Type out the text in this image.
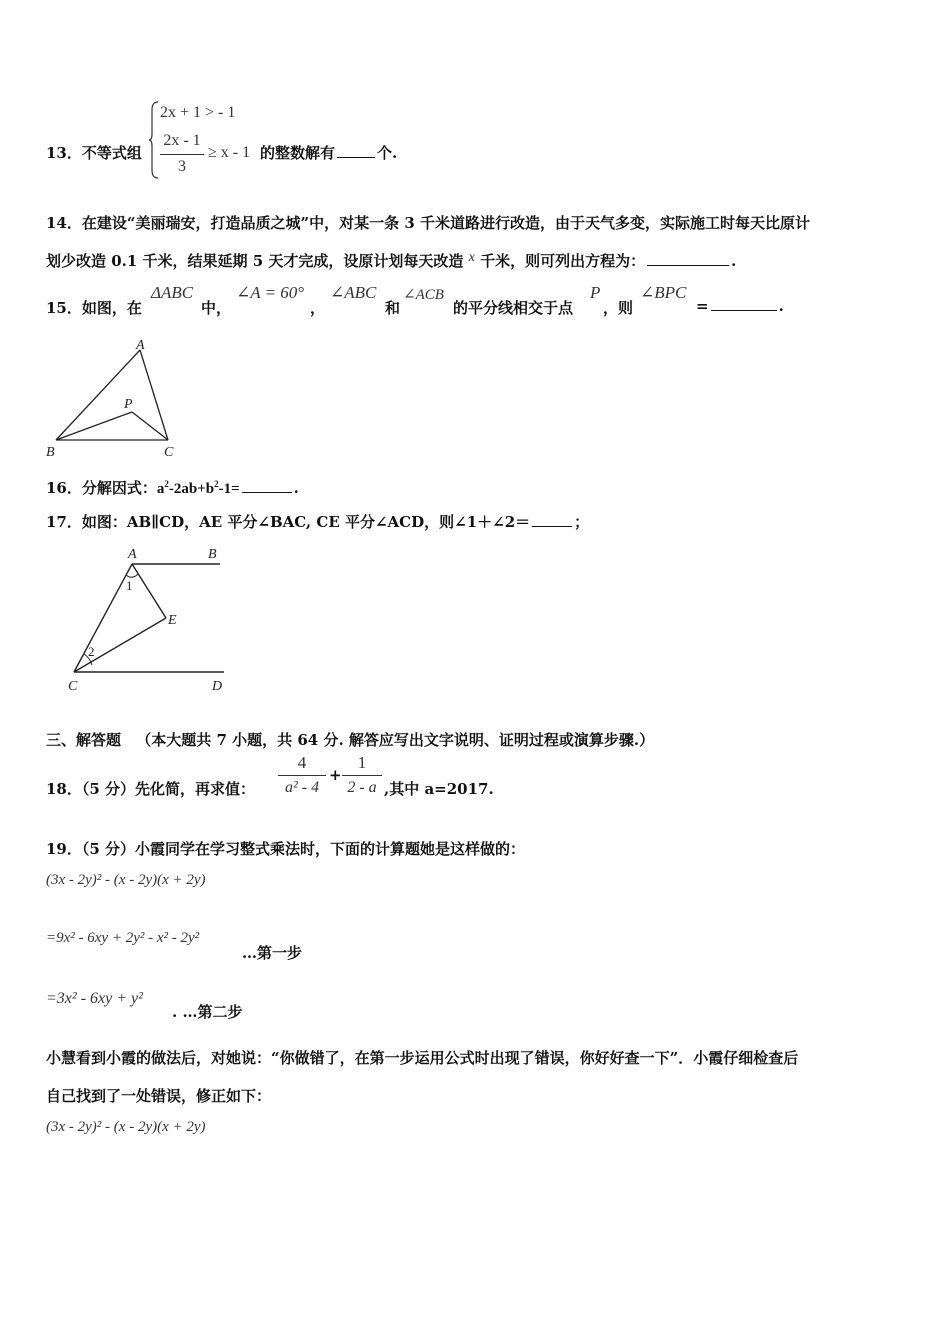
13．不等式组
2x + 1 > - 1
2x - 1
3
≥ x - 1 的整数解有	个.
14．在建设“美丽瑞安，打造品质之城”中，对某一条 3 千米道路进行改造，由于天气多变，实际施工时每天比原计
划少改造 0.1 千米，结果延期 5 天才完成，设原计划每天改造 x 千米，则可列出方程为：	.
15．如图，在
ΔABC
中，
∠A = 60°
，
∠ABC
和
∠ACB
的平分线相交于点
P
，则
∠BPC
=	.
A
B	C
P
16．分解因式：$a^2-2ab+b^2-1=$	.
17．如图：AB∥CD，AE 平分∠BAC, CE 平分∠ACD，则∠1＋∠2＝	；
A	B
C	D
E
1
2
三、解答题 （本大题共 7 小题，共 64 分. 解答应写出文字说明、证明过程或演算步骤.）
18．（5 分）先化简，再求值：
4
a² - 4
+
1
2 - a ,其中 a=2017.
19．（5 分）小霞同学在学习整式乘法时，下面的计算题她是这样做的：
(3x - 2y)² - (x - 2y)(x + 2y)
=9x² - 6xy + 2y² - x² - 2y²
…第一步
=3x² - 6xy + y²
. …第二步
小慧看到小霞的做法后，对她说：“你做错了，在第一步运用公式时出现了错误，你好好查一下”．小霞仔细检查后
自己找到了一处错误，修正如下：
(3x - 2y)² - (x - 2y)(x + 2y)
